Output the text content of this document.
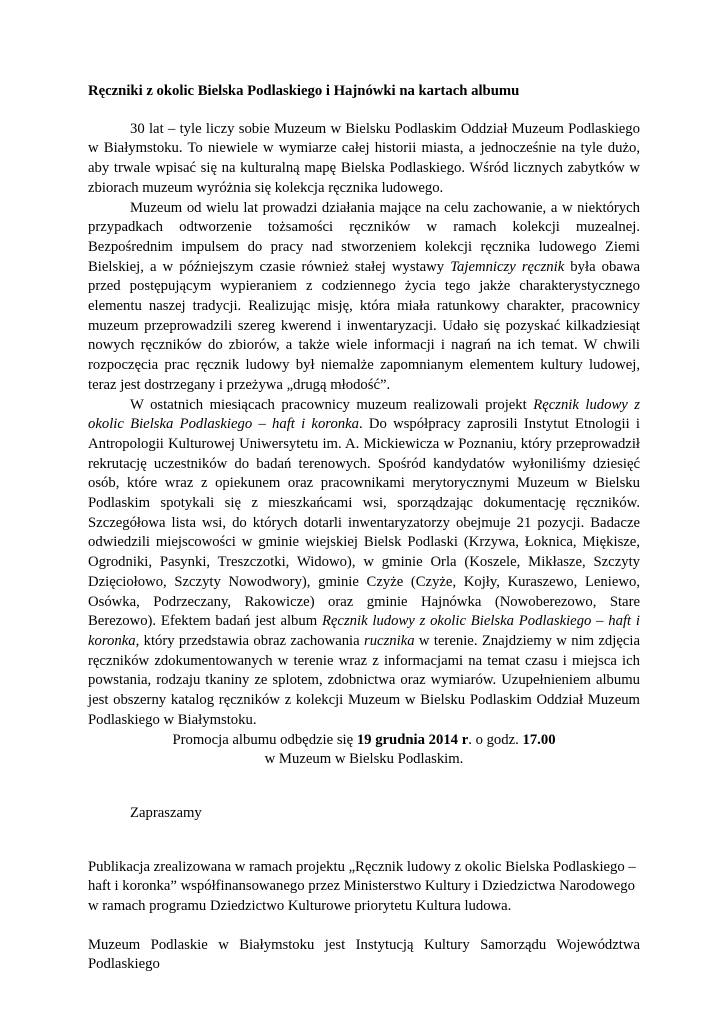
Ręczniki z okolic Bielska Podlaskiego i Hajnówki na kartach albumu

30 lat – tyle liczy sobie Muzeum w Bielsku Podlaskim Oddział Muzeum Podlaskiego w Białymstoku. To niewiele w wymiarze całej historii miasta, a jednocześnie na tyle dużo, aby trwale wpisać się na kulturalną mapę Bielska Podlaskiego. Wśród licznych zabytków w zbiorach muzeum wyróżnia się kolekcja ręcznika ludowego.

Muzeum od wielu lat prowadzi działania mające na celu zachowanie, a w niektórych przypadkach odtworzenie tożsamości ręczników w ramach kolekcji muzealnej. Bezpośrednim impulsem do pracy nad stworzeniem kolekcji ręcznika ludowego Ziemi Bielskiej, a w późniejszym czasie również stałej wystawy Tajemniczy ręcznik była obawa przed postępującym wypieraniem z codziennego życia tego jakże charakterystycznego elementu naszej tradycji. Realizując misję, która miała ratunkowy charakter, pracownicy muzeum przeprowadzili szereg kwerend i inwentaryzacji. Udało się pozyskać kilkadziesiąt nowych ręczników do zbiorów, a także wiele informacji i nagrań na ich temat. W chwili rozpoczęcia prac ręcznik ludowy był niemalże zapomnianym elementem kultury ludowej, teraz jest dostrzegany i przeżywa „drugą młodość”.

W ostatnich miesiącach pracownicy muzeum realizowali projekt Ręcznik ludowy z okolic Bielska Podlaskiego – haft i koronka. Do współpracy zaprosili Instytut Etnologii i Antropologii Kulturowej Uniwersytetu im. A. Mickiewicza w Poznaniu, który przeprowadził rekrutację uczestników do badań terenowych. Spośród kandydatów wyłoniliśmy dziesięć osób, które wraz z opiekunem oraz pracownikami merytorycznymi Muzeum w Bielsku Podlaskim spotykali się z mieszkańcami wsi, sporządzając dokumentację ręczników. Szczegółowa lista wsi, do których dotarli inwentaryzatorzy obejmuje 21 pozycji. Badacze odwiedzili miejscowości w gminie wiejskiej Bielsk Podlaski (Krzywa, Łoknica, Miękisze, Ogrodniki, Pasynki, Treszczotki, Widowo), w gminie Orla (Koszele, Mikłasze, Szczyty Dzięciołowo, Szczyty Nowodwory), gminie Czyże (Czyże, Kojły, Kuraszewo, Leniewo, Osówka, Podrzeczany, Rakowicze) oraz gminie Hajnówka (Nowoberezowo, Stare Berezowo). Efektem badań jest album Ręcznik ludowy z okolic Bielska Podlaskiego – haft i koronka, który przedstawia obraz zachowania rucznika w terenie. Znajdziemy w nim zdjęcia ręczników zdokumentowanych w terenie wraz z informacjami na temat czasu i miejsca ich powstania, rodzaju tkaniny ze splotem, zdobnictwa oraz wymiarów. Uzupełnieniem albumu jest obszerny katalog ręczników z kolekcji Muzeum w Bielsku Podlaskim Oddział Muzeum Podlaskiego w Białymstoku.

Promocja albumu odbędzie się 19 grudnia 2014 r. o godz. 17.00

w Muzeum w Bielsku Podlaskim.

Zapraszamy

Publikacja zrealizowana w ramach projektu „Ręcznik ludowy z okolic Bielska Podlaskiego – haft i koronka” współfinansowanego przez Ministerstwo Kultury i Dziedzictwa Narodowego w ramach programu Dziedzictwo Kulturowe priorytetu Kultura ludowa.

Muzeum Podlaskie w Białymstoku jest Instytucją Kultury Samorządu Województwa Podlaskiego
